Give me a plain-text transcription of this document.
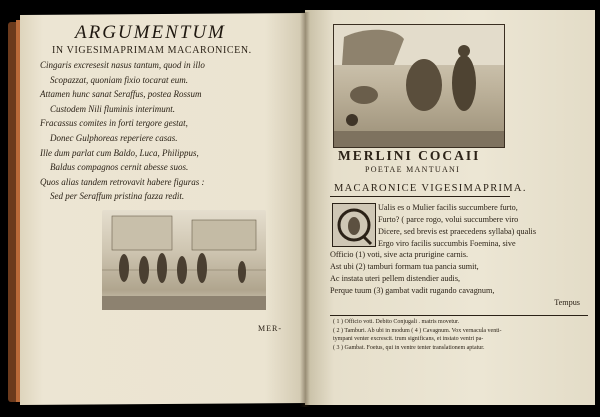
ARGUMENTUM
IN VIGESIMAPRIMAM MACARONICEN.
Cingaris excresesit nasus tantum, quod in illo
Scopazzat, quoniam fixio tocarat eum.
Attamen hunc sanat Seraffus, postea Rossum
Custodem Nili fluminis interimunt.
Fracassus comites in forti tergore gestat,
Donec Gulphoreas reperiere casas.
Ille dum parlat cum Baldo, Luca, Philippus,
Baldus compagnos cernit abesse suos.
Quos alias tandem retrovavit habere figuras :
Sed per Seraffum pristina fazza redit.
MER-
MERLINI COCAII
POETAE MANTUANI
MACARONICE VIGESIMAPRIMA.
Ualis es o Mulier facilis succumbere furto,
Furto? ( parce rogo, volui succumbere viro
Dicere, sed brevis est praecedens syllaba) qualis
Ergo viro facilis succumbis Foemina, sive
Officio (1) voti, sive acta prurigine carnis.
Ast ubi (2) tamburi formam tua pancia sumit,
Ac instata uteri pellem distendier audis,
Perque tuum (3) gambat vadit rugando cavagnum,
Tempus
( 1 ) Officio voti. Debito Conjugali . matris movetur.
( 2 ) Tamburi. Ab ubi in modum ( 4 ) Cavagnum. Vox vernacula venti-
tympani venter excrescit. trum significans, et instato ventri pa-
( 3 ) Gambat. Foetus, qui in ventre tenter translationem aptatur.
